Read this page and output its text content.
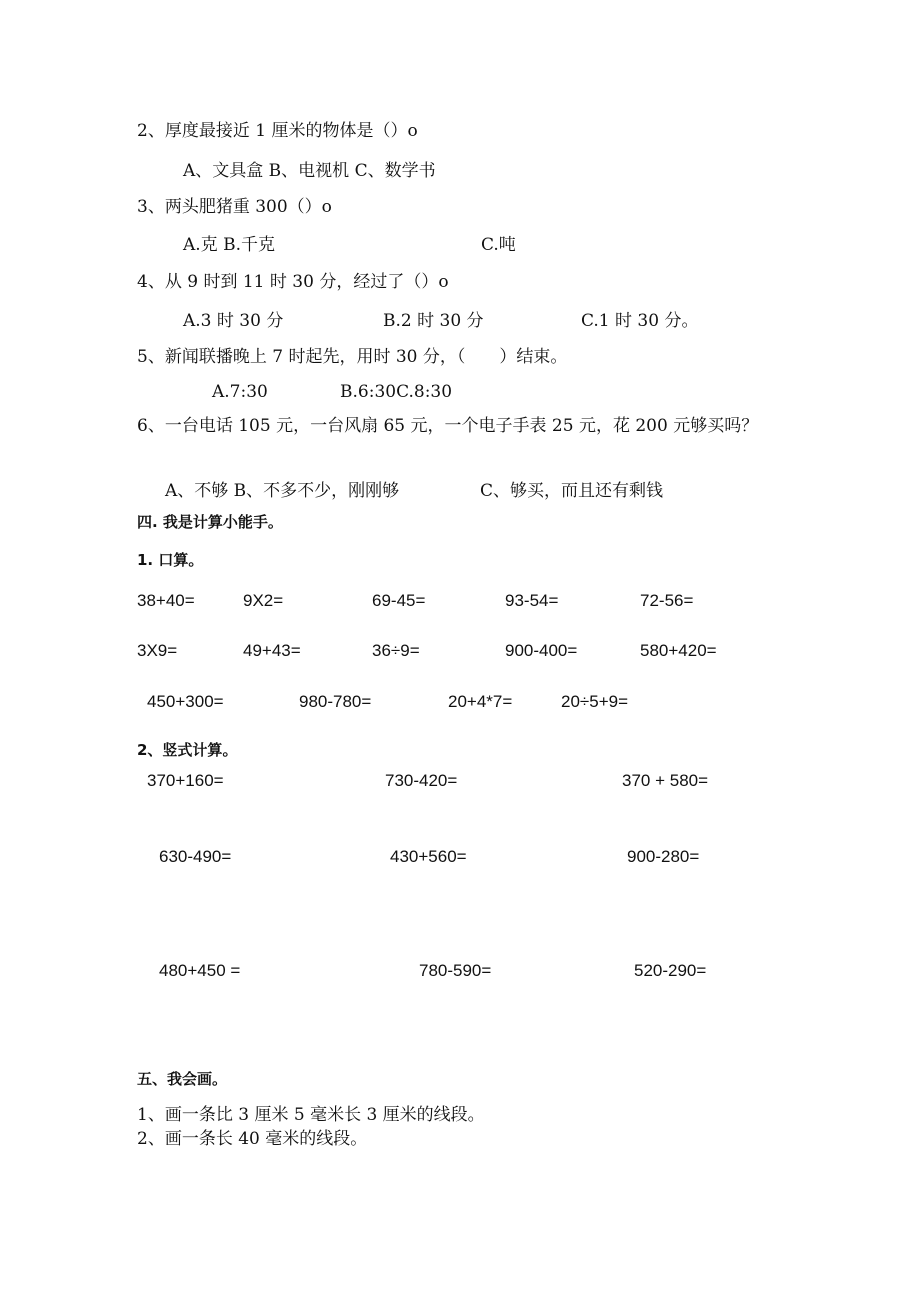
2、厚度最接近 1 厘米的物体是（）o
A、文具盒 B、电视机 C、数学书
3、两头肥猪重 300（）o
A.克 B.千克	C.吨
4、从 9 时到 11 时 30 分，经过了（）o
A.3 时 30 分	B.2 时 30 分	C.1 时 30 分。
5、新闻联播晚上 7 时起先，用时 30 分，（　　）结束。
A.7:30	B.6:30C.8:30
6、一台电话 105 元，一台风扇 65 元，一个电子手表 25 元，花 200 元够买吗？
A、不够 B、不多不少，刚刚够	C、够买，而且还有剩钱
四. 我是计算小能手。
1. 口算。
38+40=	9X2=	69-45=	93-54=	72-56=
3X9=	49+43=	36÷9=	900-400=	580+420=
450+300=	980-780=	20+4*7=	20÷5+9=
2、竖式计算。
370+160=	730-420=	370 + 580=
630-490=	430+560=	900-280=
480+450 =	780-590=	520-290=
五、我会画。
1、画一条比 3 厘米 5 毫米长 3 厘米的线段。
2、画一条长 40 毫米的线段。
